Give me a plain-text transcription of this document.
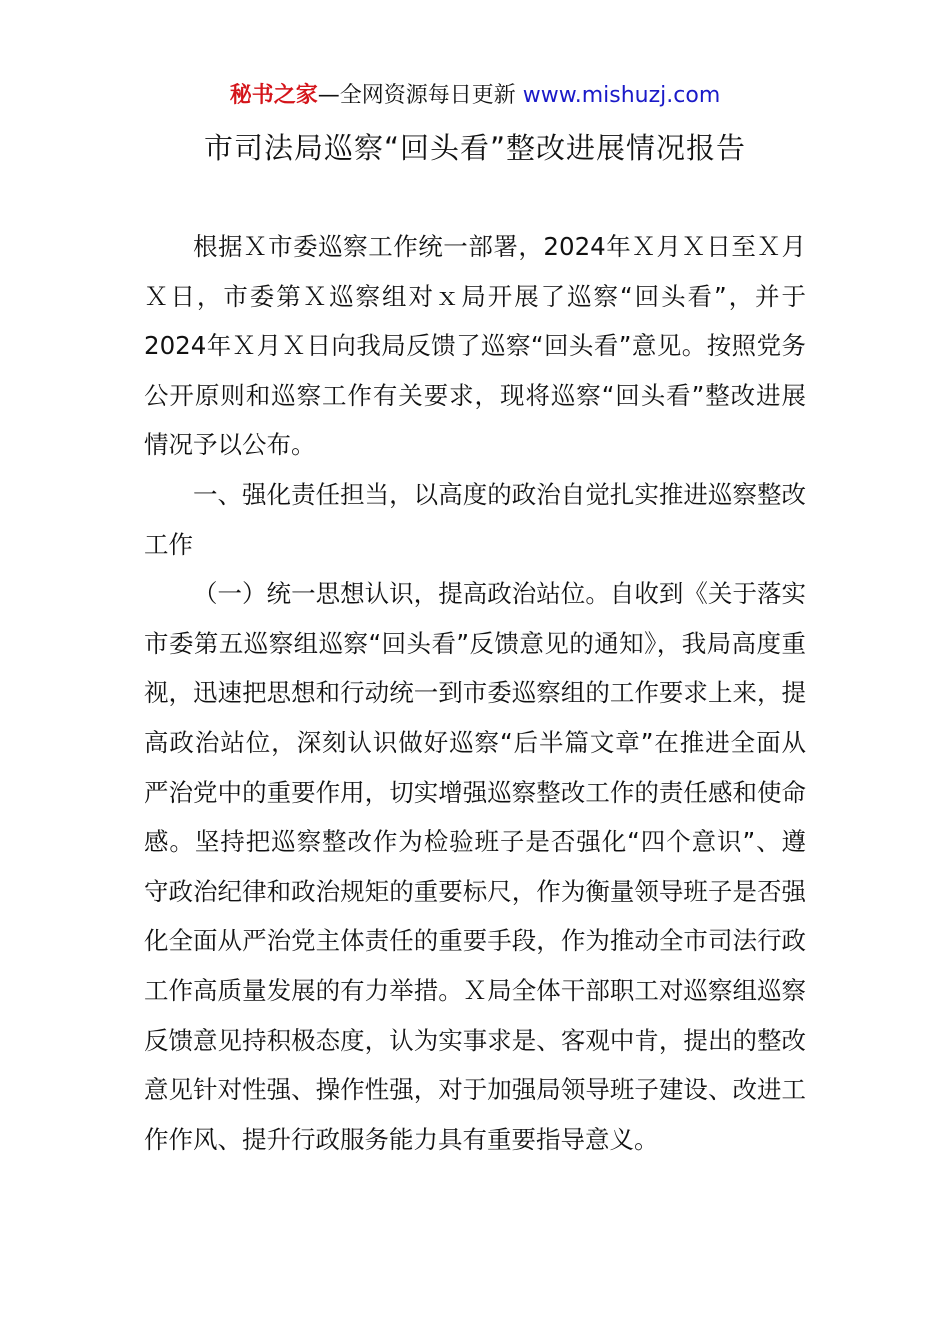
秘书之家—全网资源每日更新 www.mishuzj.com
市司法局巡察“回头看”整改进展情况报告

根据Ｘ市委巡察工作统一部署，2024年Ｘ月Ｘ日至Ｘ月Ｘ日，市委第Ｘ巡察组对ｘ局开展了巡察“回头看”，并于2024年Ｘ月Ｘ日向我局反馈了巡察“回头看”意见。按照党务公开原则和巡察工作有关要求，现将巡察“回头看”整改进展情况予以公布。

一、强化责任担当，以高度的政治自觉扎实推进巡察整改工作

（一）统一思想认识，提高政治站位。自收到《关于落实市委第五巡察组巡察“回头看”反馈意见的通知》，我局高度重视，迅速把思想和行动统一到市委巡察组的工作要求上来，提高政治站位，深刻认识做好巡察“后半篇文章”在推进全面从严治党中的重要作用，切实增强巡察整改工作的责任感和使命感。坚持把巡察整改作为检验班子是否强化“四个意识”、遵守政治纪律和政治规矩的重要标尺，作为衡量领导班子是否强化全面从严治党主体责任的重要手段，作为推动全市司法行政工作高质量发展的有力举措。Ｘ局全体干部职工对巡察组巡察反馈意见持积极态度，认为实事求是、客观中肯，提出的整改意见针对性强、操作性强，对于加强局领导班子建设、改进工作作风、提升行政服务能力具有重要指导意义。
